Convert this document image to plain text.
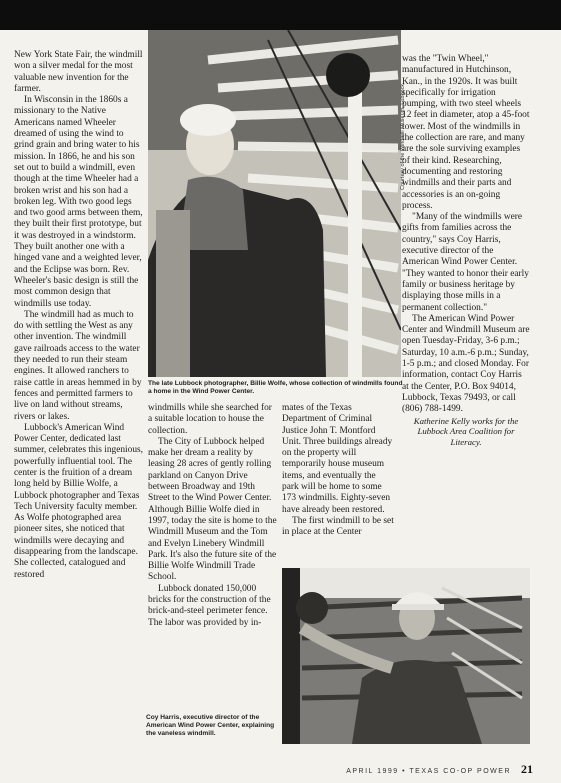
New York State Fair, the windmill won a silver medal for the most valuable new invention for the farmer.

In Wisconsin in the 1860s a missionary to the Native Americans named Wheeler dreamed of using the wind to grind grain and bring water to his mission. In 1866, he and his son set out to build a windmill, even though at the time Wheeler had a broken wrist and his son had a broken leg. With two good legs and two good arms between them, they built their first prototype, but it was destroyed in a windstorm. They built another one with a hinged vane and a weighted lever, and the Eclipse was born. Rev. Wheeler's basic design is still the most common design that windmills use today.

The windmill had as much to do with settling the West as any other invention. The windmill gave railroads access to the water they needed to run their steam engines. It allowed ranchers to raise cattle in areas hemmed in by fences and permitted farmers to live on land without streams, rivers or lakes.

Lubbock's American Wind Power Center, dedicated last summer, celebrates this ingenious, powerfully influential tool. The center is the fruition of a dream long held by Billie Wolfe, a Lubbock photographer and Texas Tech University faculty member. As Wolfe photographed area pioneer sites, she noticed that windmills were decaying and disappearing from the landscape. She collected, catalogued and restored

Courtesy of the Windmill Museum, Lubbock
The late Lubbock photographer, Billie Wolfe, whose collection of windmills found a home in the Wind Power Center.

windmills while she searched for a suitable location to house the collection.

The City of Lubbock helped make her dream a reality by leasing 28 acres of gently rolling parkland on Canyon Drive between Broadway and 19th Street to the Wind Power Center. Although Billie Wolfe died in 1997, today the site is home to the Windmill Museum and the Tom and Evelyn Linebery Windmill Park. It's also the future site of the Billie Wolfe Windmill Trade School.

Lubbock donated 150,000 bricks for the construction of the brick-and-steel perimeter fence. The labor was provided by in-

mates of the Texas Department of Criminal Justice John T. Montford Unit. Three buildings already on the property will temporarily house museum items, and eventually the park will be home to some 173 windmills. Eighty-seven have already been restored.

The first windmill to be set in place at the Center

was the "Twin Wheel," manufactured in Hutchinson, Kan., in the 1920s. It was built specifically for irrigation pumping, with two steel wheels 12 feet in diameter, atop a 45-foot tower. Most of the windmills in the collection are rare, and many are the sole surviving examples of their kind. Researching, documenting and restoring windmills and their parts and accessories is an on-going process.

"Many of the windmills were gifts from families across the country," says Coy Harris, executive director of the American Wind Power Center. "They wanted to honor their early family or business heritage by displaying those mills in a permanent collection."

The American Wind Power Center and Windmill Museum are open Tuesday-Friday, 3-6 p.m.; Saturday, 10 a.m.-6 p.m.; Sunday, 1-5 p.m.; and closed Monday. For information, contact Coy Harris at the Center, P.O. Box 94014, Lubbock, Texas 79493, or call (806) 788-1499.

Katherine Kelly works for the Lubbock Area Coalition for Literacy.

Coy Harris, executive director of the American Wind Power Center, explaining the vaneless windmill.
APRIL 1999 • TEXAS CO-OP POWER 21
